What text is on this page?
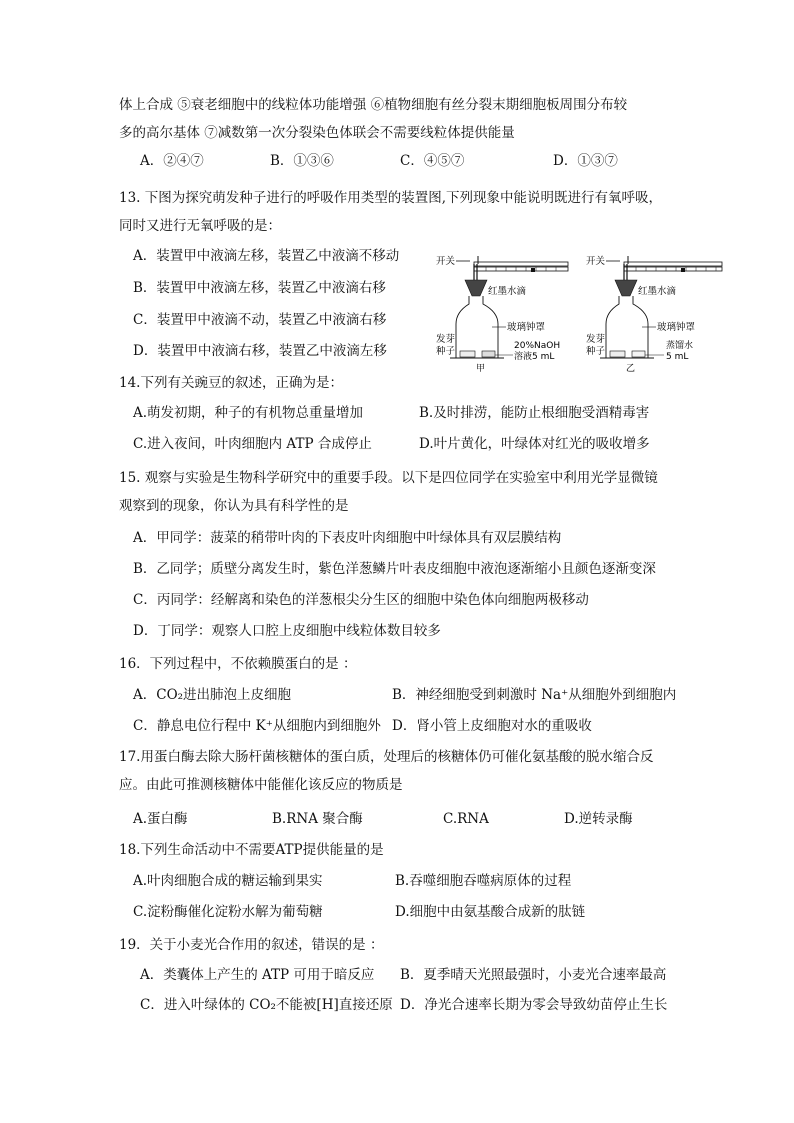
体上合成 ⑤衰老细胞中的线粒体功能增强 ⑥植物细胞有丝分裂末期细胞板周围分布较
多的高尔基体 ⑦减数第一次分裂染色体联会不需要线粒体提供能量
A．②④⑦	B．①③⑥	C．④⑤⑦	D．①③⑦
13. 下图为探究萌发种子进行的呼吸作用类型的装置图,下列现象中能说明既进行有氧呼吸，
同时又进行无氧呼吸的是：
A．装置甲中液滴左移，装置乙中液滴不移动
B．装置甲中液滴左移，装置乙中液滴右移
C．装置甲中液滴不动，装置乙中液滴右移
D．装置甲中液滴右移，装置乙中液滴左移
开关
红墨水滴
玻璃钟罩
发芽
种子	20%NaOH
溶液5 mL
甲
开关
红墨水滴
玻璃钟罩
发芽
种子	蒸馏水
5 mL
乙
14.下列有关豌豆的叙述，正确为是：
A.萌发初期，种子的有机物总重量增加	B.及时排涝，能防止根细胞受酒精毒害
C.进入夜间，叶肉细胞内 ATP 合成停止	D.叶片黄化，叶绿体对红光的吸收增多
15. 观察与实验是生物科学研究中的重要手段。以下是四位同学在实验室中利用光学显微镜
观察到的现象，你认为具有科学性的是
A．甲同学：菠菜的稍带叶肉的下表皮叶肉细胞中叶绿体具有双层膜结构
B．乙同学；质壁分离发生时，紫色洋葱鳞片叶表皮细胞中液泡逐渐缩小且颜色逐渐变深
C．丙同学：经解离和染色的洋葱根尖分生区的细胞中染色体向细胞两极移动
D．丁同学：观察人口腔上皮细胞中线粒体数目较多
16．下列过程中，不依赖膜蛋白的是 ：
A．CO₂进出肺泡上皮细胞	B．神经细胞受到刺激时 Na⁺从细胞外到细胞内
C．静息电位行程中 K⁺从细胞内到细胞外 D．肾小管上皮细胞对水的重吸收
17.用蛋白酶去除大肠杆菌核糖体的蛋白质，处理后的核糖体仍可催化氨基酸的脱水缩合反
应。由此可推测核糖体中能催化该反应的物质是
A.蛋白酶	B.RNA 聚合酶	C.RNA	D.逆转录酶
18.下列生命活动中不需要ATP提供能量的是
A.叶肉细胞合成的糖运输到果实	B.吞噬细胞吞噬病原体的过程
C.淀粉酶催化淀粉水解为葡萄糖	D.细胞中由氨基酸合成新的肽链
19．关于小麦光合作用的叙述，错误的是 ：
A．类囊体上产生的 ATP 可用于暗反应 B．夏季晴天光照最强时，小麦光合速率最高
C．进入叶绿体的 CO₂不能被[H]直接还原 D．净光合速率长期为零会导致幼苗停止生长
